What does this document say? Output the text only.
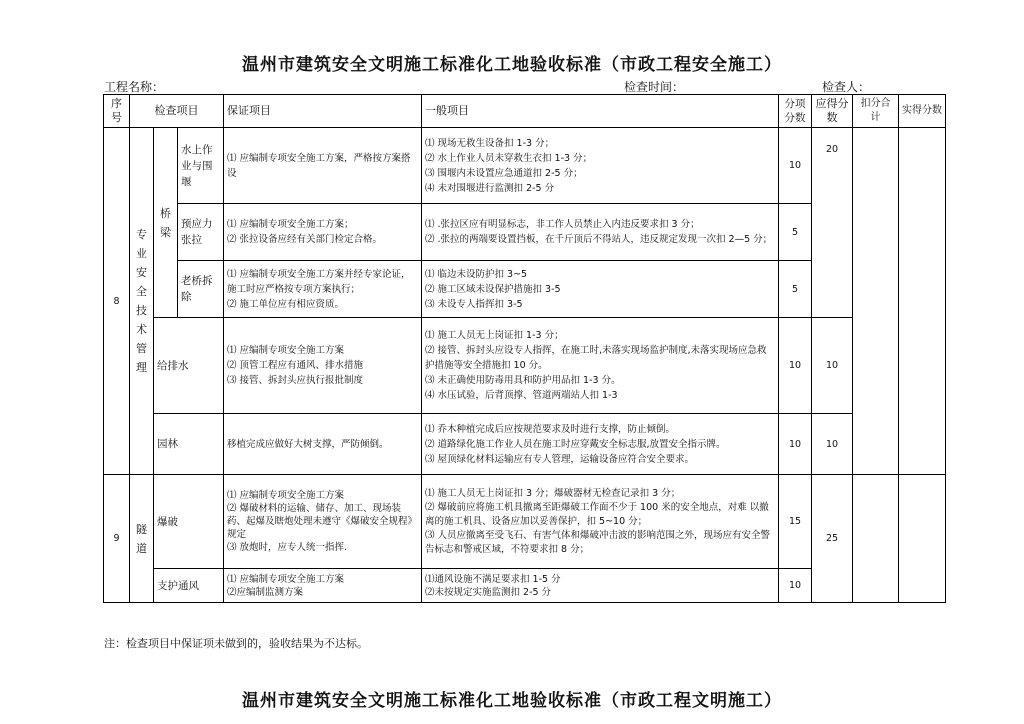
温州市建筑安全文明施工标准化工地验收标准（市政工程安全施工）
工程名称：	检查时间：	检查人：
序号	检查项目			保证项目	一般项目	分项分数	应得分数	扣分合计	实得分数
8	专业安全技术管理	桥梁	水上作业与围堰	⑴ 应编制专项安全施工方案，严格按方案搭设	⑴ 现场无救生设备扣 1-3 分；
⑵ 水上作业人员未穿救生衣扣 1-3 分；
⑶ 围堰内未设置应急通道扣 2-5 分；
⑷ 未对围堰进行监测扣 2-5 分	10	20		
			预应力张拉	⑴ 应编制专项安全施工方案；
⑵ 张拉设备应经有关部门检定合格。	⑴ .张拉区应有明显标志，非工作人员禁止入内违反要求扣 3 分；
⑵ .张拉的两端要设置挡板，在千斤顶后不得站人，违反规定发现一次扣 2—5 分；	5			
			老桥拆除	⑴ 应编制专项安全施工方案并经专家论证，施工时应严格按专项方案执行；
⑵ 施工单位应有相应资质。	⑴ 临边未设防护扣 3~5
⑵ 施工区域未设保护措施扣 3-5
⑶ 未设专人指挥扣 3-5	5			
		给排水		⑴ 应编制专项安全施工方案
⑵ 顶管工程应有通风、排水措施
⑶ 接管、拆封头应执行报批制度	⑴ 施工人员无上岗证扣 1-3 分；
⑵ 接管、拆封头应设专人指挥，在施工时,未落实现场监护制度,未落实现场应急救护措施等安全措施扣 10 分。
⑶ 未正确使用防毒用具和防护用品扣 1-3 分。
⑷ 水压试验，后背顶撑、管道两端站人扣 1-3	10	10		
		园林		移植完成应做好大树支撑，严防倾倒。	⑴ 乔木种植完成后应按规范要求及时进行支撑，防止倾倒。
⑵ 道路绿化施工作业人员在施工时应穿戴安全标志服,放置安全指示牌。
⑶ 屋顶绿化材料运输应有专人管理，运输设备应符合安全要求。	10	10		
9	隧道	爆破		⑴ 应编制专项安全施工方案
⑵ 爆破材料的运输、储存、加工、现场装药、起爆及瞎炮处理未遵守《爆破安全规程》规定
⑶ 放炮时，应专人统一指挥.	⑴ 施工人员无上岗证扣 3 分；爆破器材无检查记录扣 3 分；
⑵ 爆破前应将施工机具撤离至距爆破工作面不少于 100 米的安全地点，对难 以撤离的施工机具、设备应加以妥善保护，扣 5~10 分；
⑶ 人员应撤离至受飞石、有害气体和爆破冲击波的影响范围之外，现场应有安全警告标志和警戒区域，不符要求扣 8 分；	15	25		
		支护通风		⑴ 应编制专项安全施工方案
⑵应编制监测方案	⑴通风设施不满足要求扣 1-5 分
⑵未按规定实施监测扣 2-5 分	10			
注：检查项目中保证项未做到的，验收结果为不达标。
温州市建筑安全文明施工标准化工地验收标准（市政工程文明施工）
